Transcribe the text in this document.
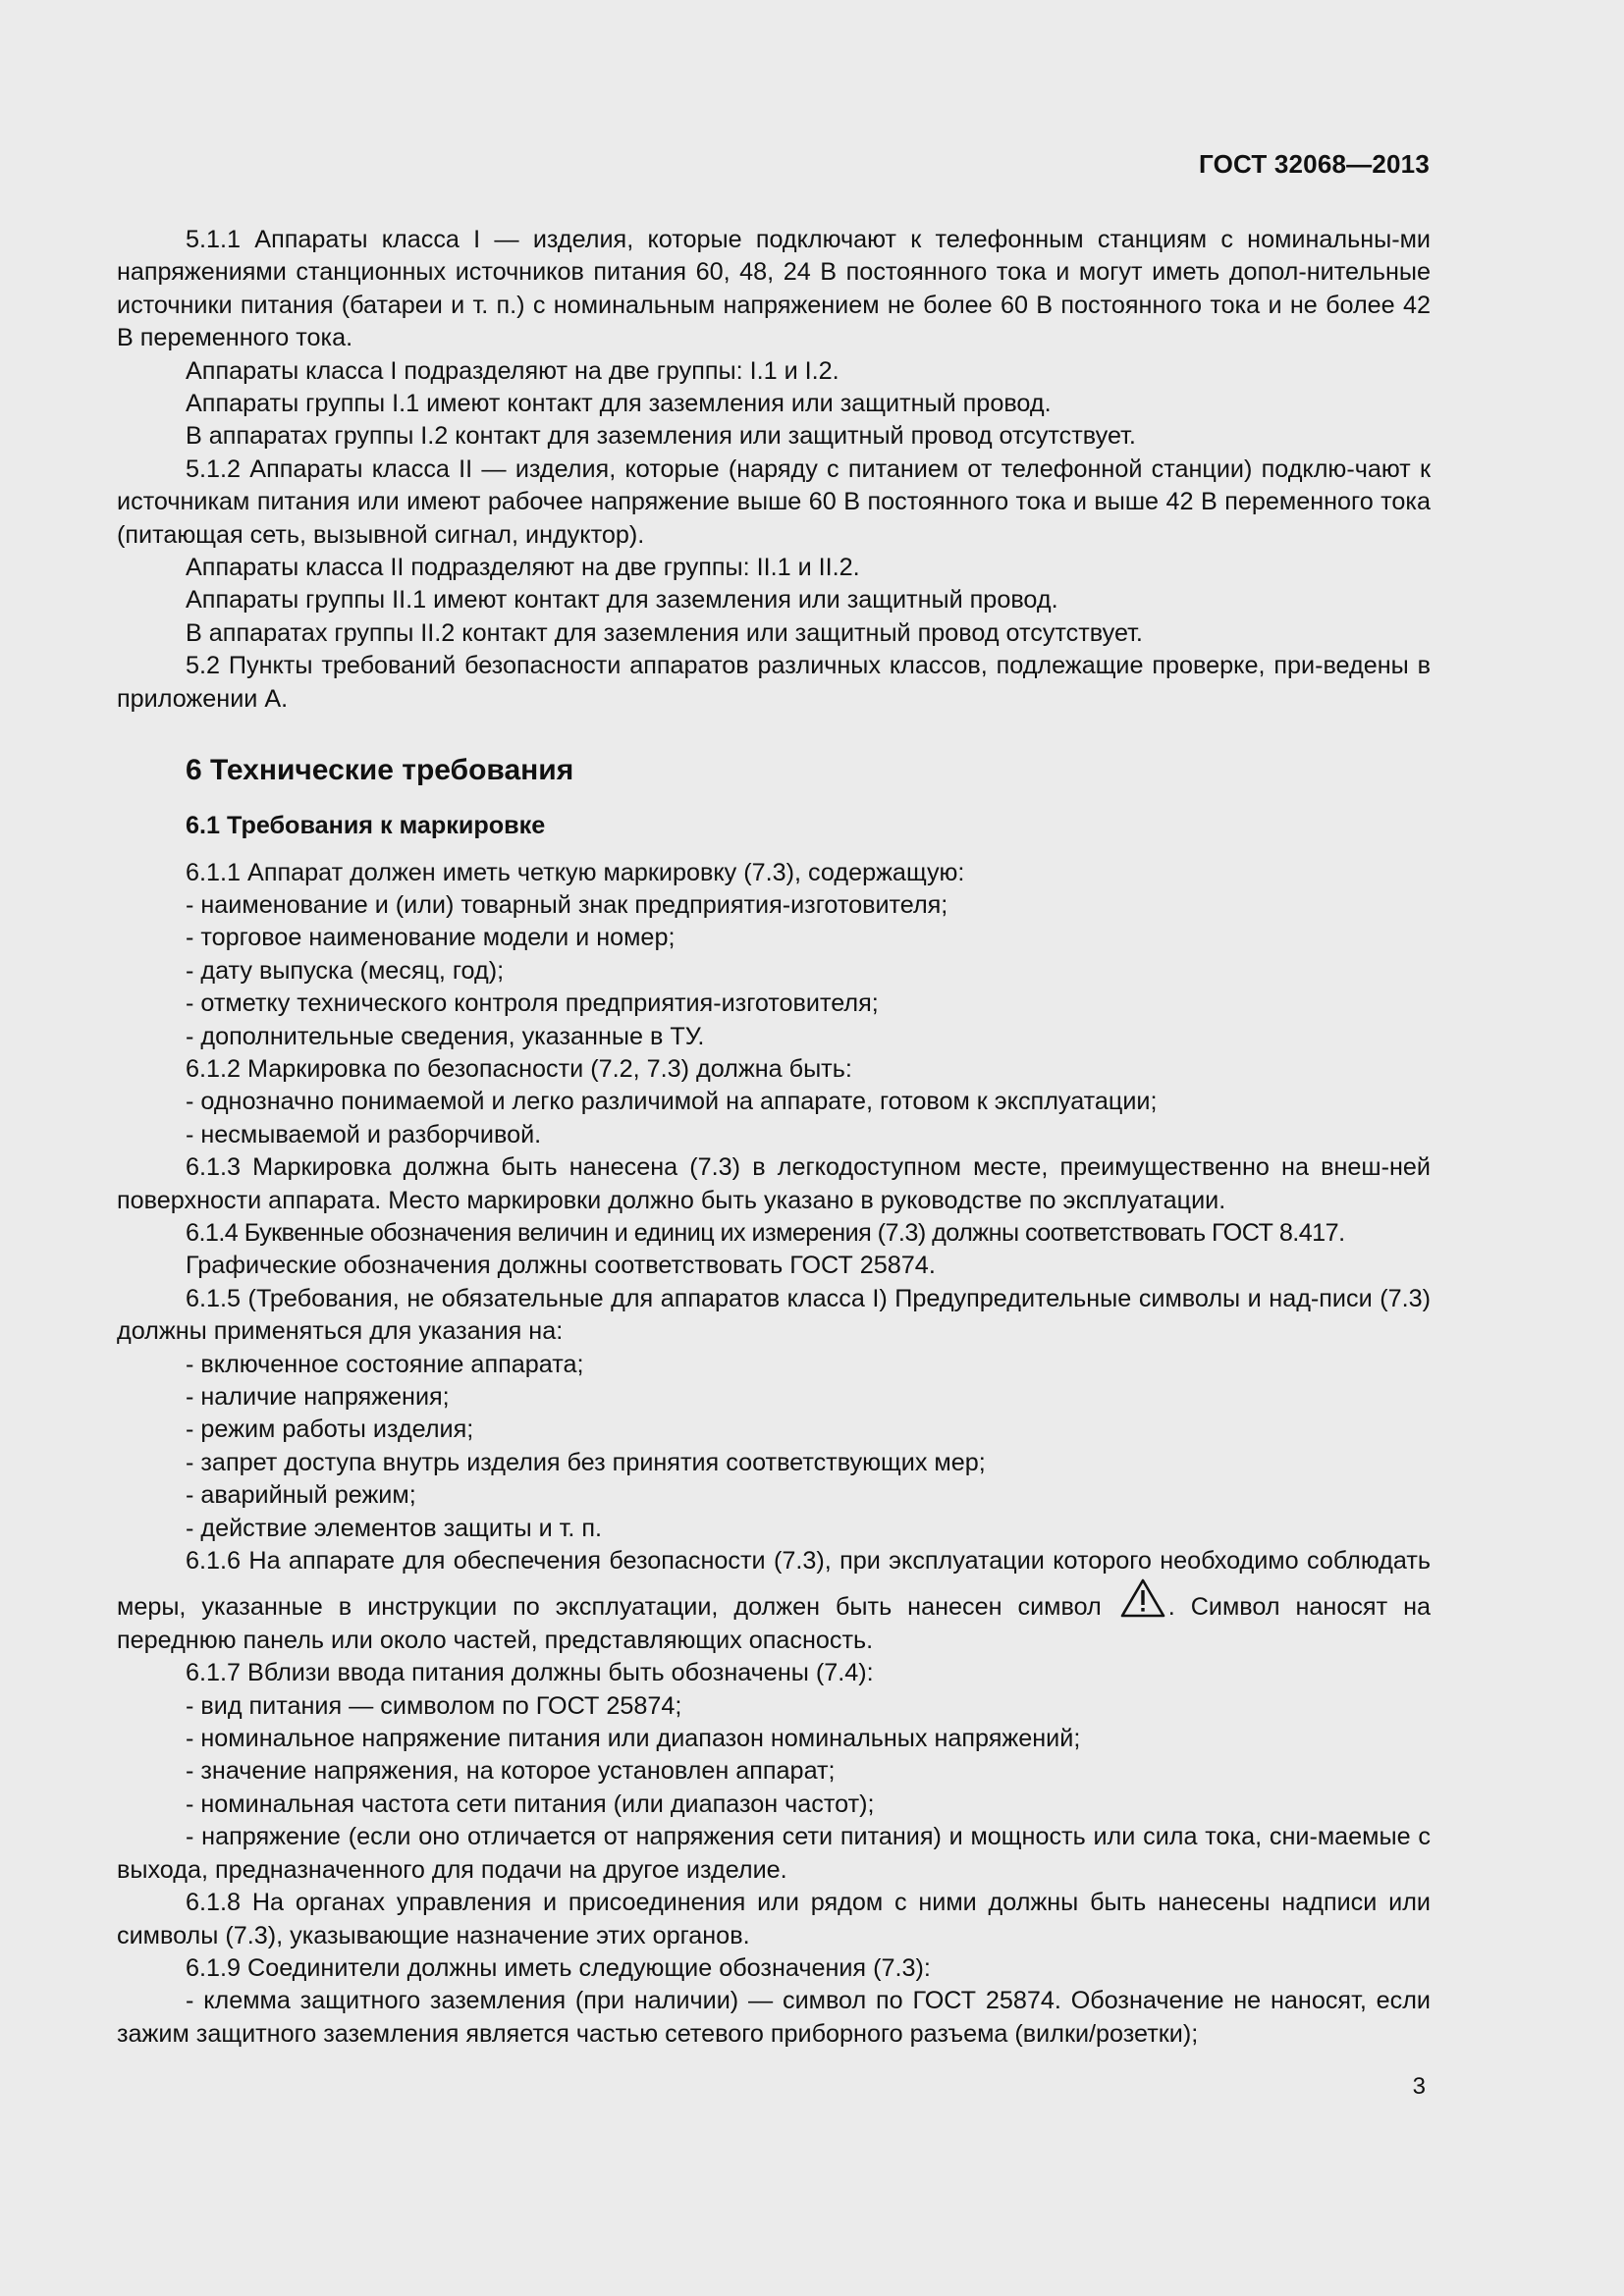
ГОСТ 32068—2013

5.1.1 Аппараты класса I — изделия, которые подключают к телефонным станциям с номинальны-ми напряжениями станционных источников питания 60, 48, 24 В постоянного тока и могут иметь допол-нительные источники питания (батареи и т. п.) с номинальным напряжением не более 60 В постоянного тока и не более 42 В переменного тока.

Аппараты класса I подразделяют на две группы: I.1 и I.2.

Аппараты группы I.1 имеют контакт для заземления или защитный провод.

В аппаратах группы I.2 контакт для заземления или защитный провод отсутствует.

5.1.2 Аппараты класса II — изделия, которые (наряду с питанием от телефонной станции) подклю-чают к источникам питания или имеют рабочее напряжение выше 60 В постоянного тока и выше 42 В переменного тока (питающая сеть, вызывной сигнал, индуктор).

Аппараты класса II подразделяют на две группы: II.1 и II.2.

Аппараты группы II.1 имеют контакт для заземления или защитный провод.

В аппаратах группы II.2 контакт для заземления или защитный провод отсутствует.

5.2 Пункты требований безопасности аппаратов различных классов, подлежащие проверке, при-ведены в приложении А.

6 Технические требования
6.1 Требования к маркировке

6.1.1 Аппарат должен иметь четкую маркировку (7.3), содержащую:

- наименование и (или) товарный знак предприятия-изготовителя;

- торговое наименование модели и номер;

- дату выпуска (месяц, год);

- отметку технического контроля предприятия-изготовителя;

- дополнительные сведения, указанные в ТУ.

6.1.2 Маркировка по безопасности (7.2, 7.3) должна быть:

- однозначно понимаемой и легко различимой на аппарате, готовом к эксплуатации;

- несмываемой и разборчивой.

6.1.3 Маркировка должна быть нанесена (7.3) в легкодоступном месте, преимущественно на внеш-ней поверхности аппарата. Место маркировки должно быть указано в руководстве по эксплуатации.

6.1.4 Буквенные обозначения величин и единиц их измерения (7.3) должны соответствовать ГОСТ 8.417.

Графические обозначения должны соответствовать ГОСТ 25874.

6.1.5 (Требования, не обязательные для аппаратов класса I) Предупредительные символы и над-писи (7.3) должны применяться для указания на:

- включенное состояние аппарата;

- наличие напряжения;

- режим работы изделия;

- запрет доступа внутрь изделия без принятия соответствующих мер;

- аварийный режим;

- действие элементов защиты и т. п.

6.1.6 На аппарате для обеспечения безопасности (7.3), при эксплуатации которого необходимо соблюдать меры, указанные в инструкции по эксплуатации, должен быть нанесен символ	. Символ наносят на переднюю панель или около частей, представляющих опасность.

6.1.7 Вблизи ввода питания должны быть обозначены (7.4):

- вид питания — символом по ГОСТ 25874;

- номинальное напряжение питания или диапазон номинальных напряжений;

- значение напряжения, на которое установлен аппарат;

- номинальная частота сети питания (или диапазон частот);

- напряжение (если оно отличается от напряжения сети питания) и мощность или сила тока, сни-маемые с выхода, предназначенного для подачи на другое изделие.

6.1.8 На органах управления и присоединения или рядом с ними должны быть нанесены надписи или символы (7.3), указывающие назначение этих органов.

6.1.9 Соединители должны иметь следующие обозначения (7.3):

- клемма защитного заземления (при наличии) — символ по ГОСТ 25874. Обозначение не наносят, если зажим защитного заземления является частью сетевого приборного разъема (вилки/розетки);

3
